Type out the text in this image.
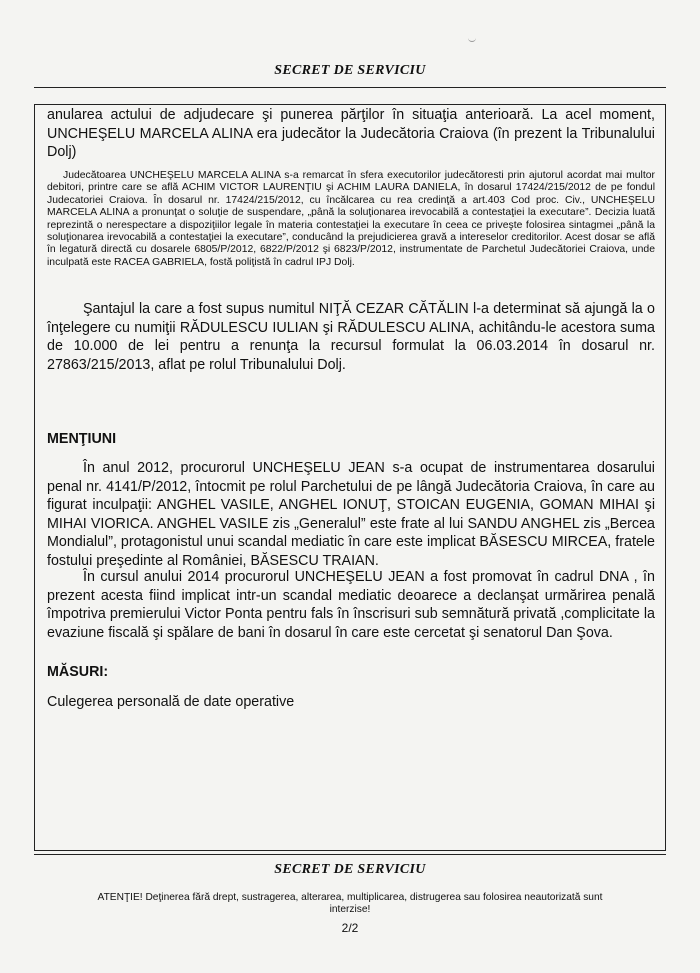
SECRET DE SERVICIU

anularea actului de adjudecare şi punerea părţilor în situaţia anterioară. La acel moment, UNCHEŞELU MARCELA ALINA era judecător la Judecătoria Craiova (în prezent la Tribunalului Dolj)

Judecătoarea UNCHEŞELU MARCELA ALINA s-a remarcat în sfera executorilor judecătoresti prin ajutorul acordat mai multor debitori, printre care se află ACHIM VICTOR LAURENŢIU şi ACHIM LAURA DANIELA, în dosarul 17424/215/2012 de pe fondul Judecatoriei Craiova. În dosarul nr. 17424/215/2012, cu încălcarea cu rea credinţă a art.403 Cod proc. Civ., UNCHEŞELU MARCELA ALINA a pronunţat o soluţie de suspendare, „până la soluţionarea irevocabilă a contestaţiei la executare”. Decizia luată reprezintă o nerespectare a dispoziţiilor legale în materia contestaţiei la executare în ceea ce priveşte folosirea sintagmei „până la soluţionarea irevocabilă a contestaţiei la executare”, conducând la prejudicierea gravă a intereselor creditorilor. Acest dosar se află în legatură directă cu dosarele 6805/P/2012, 6822/P/2012 şi 6823/P/2012, instrumentate de Parchetul Judecătoriei Craiova, unde inculpată este RACEA GABRIELA, fostă poliţistă în cadrul IPJ Dolj.

Şantajul la care a fost supus numitul NIŢĂ CEZAR CĂTĂLIN l-a determinat să ajungă la o înţelegere cu numiţii RĂDULESCU IULIAN şi RĂDULESCU ALINA, achitându-le acestora suma de 10.000 de lei pentru a renunţa la recursul formulat la 06.03.2014 în dosarul nr. 27863/215/2013, aflat pe rolul Tribunalului Dolj.

MENŢIUNI

În anul 2012, procurorul UNCHEŞELU JEAN s-a ocupat de instrumentarea dosarului penal nr. 4141/P/2012, întocmit pe rolul Parchetului de pe lângă Judecătoria Craiova, în care au figurat inculpaţii: ANGHEL VASILE, ANGHEL IONUŢ, STOICAN EUGENIA, GOMAN MIHAI şi MIHAI VIORICA. ANGHEL VASILE zis „Generalul” este frate al lui SANDU ANGHEL zis „Bercea Mondialul”, protagonistul unui scandal mediatic în care este implicat BĂSESCU MIRCEA, fratele fostului preşedinte al României, BĂSESCU TRAIAN.

În cursul anului 2014 procurorul UNCHEŞELU JEAN a fost promovat în cadrul DNA , în prezent acesta fiind implicat intr-un scandal mediatic deoarece a declanşat urmărirea penală împotriva premierului Victor Ponta pentru fals în înscrisuri sub semnătură privată ,complicitate la evaziune fiscală şi spălare de bani în dosarul în care este cercetat şi senatorul Dan Şova.

MĂSURI:

Culegerea personală de date operative

SECRET DE SERVICIU
ATENŢIE! Deţinerea fără drept, sustragerea, alterarea, multiplicarea, distrugerea sau folosirea neautorizată sunt interzise!
2/2
